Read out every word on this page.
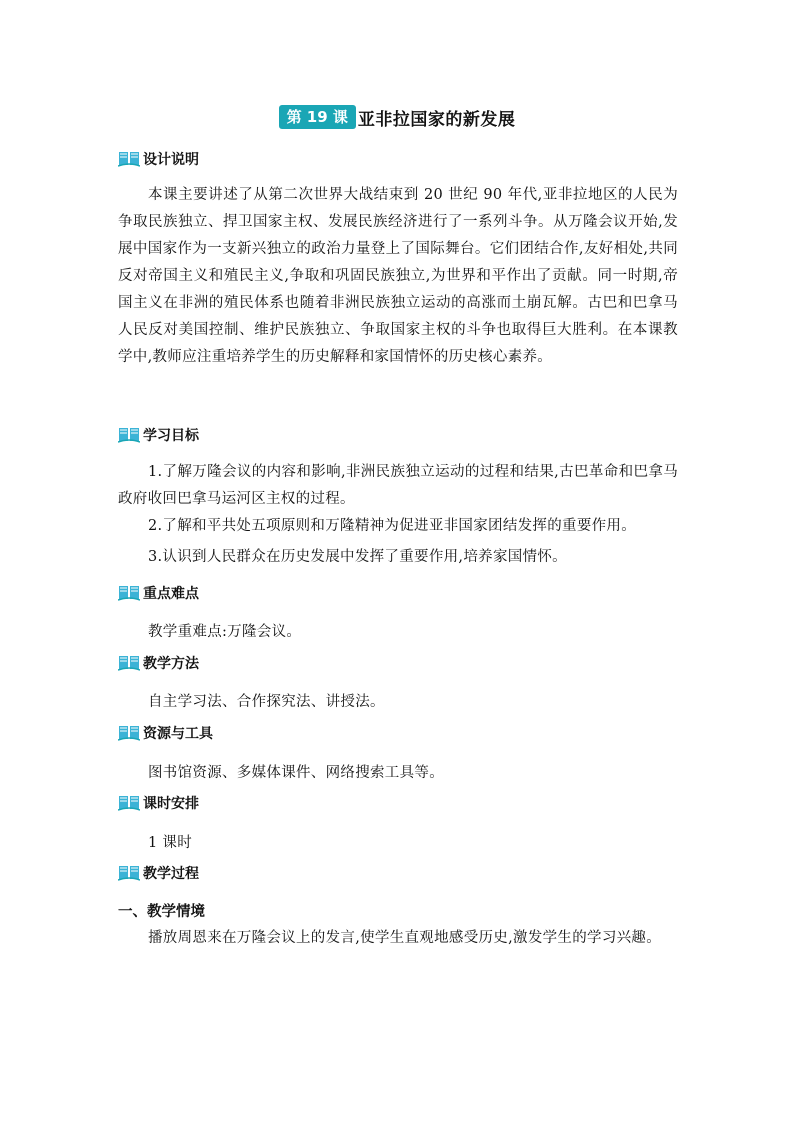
第 19 课 亚非拉国家的新发展
设计说明
本课主要讲述了从第二次世界大战结束到 20 世纪 90 年代,亚非拉地区的人民为争取民族独立、捍卫国家主权、发展民族经济进行了一系列斗争。从万隆会议开始,发展中国家作为一支新兴独立的政治力量登上了国际舞台。它们团结合作,友好相处,共同反对帝国主义和殖民主义,争取和巩固民族独立,为世界和平作出了贡献。同一时期,帝国主义在非洲的殖民体系也随着非洲民族独立运动的高涨而土崩瓦解。古巴和巴拿马人民反对美国控制、维护民族独立、争取国家主权的斗争也取得巨大胜利。在本课教学中,教师应注重培养学生的历史解释和家国情怀的历史核心素养。
学习目标
1.了解万隆会议的内容和影响,非洲民族独立运动的过程和结果,古巴革命和巴拿马政府收回巴拿马运河区主权的过程。
2.了解和平共处五项原则和万隆精神为促进亚非国家团结发挥的重要作用。
3.认识到人民群众在历史发展中发挥了重要作用,培养家国情怀。
重点难点
教学重难点:万隆会议。
教学方法
自主学习法、合作探究法、讲授法。
资源与工具
图书馆资源、多媒体课件、网络搜索工具等。
课时安排
1 课时
教学过程
一、教学情境
播放周恩来在万隆会议上的发言,使学生直观地感受历史,激发学生的学习兴趣。
